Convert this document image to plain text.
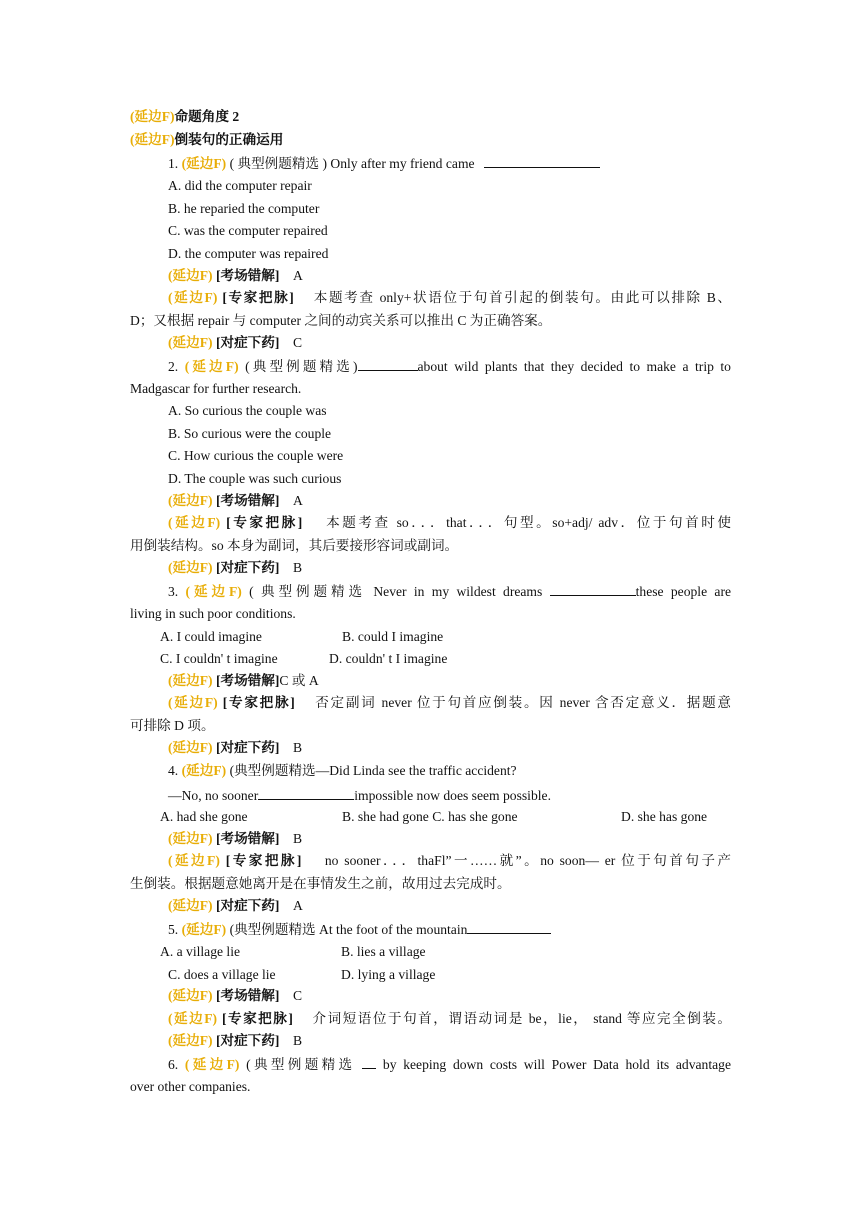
(延边F)命题角度 2
(延边F)倒装句的正确运用
1. (延边F) ( 典型例题精选 ) Only after my friend came
A. did the computer repair
B. he reparied the computer
C. was the computer repaired
D. the computer was repaired
(延边F) [考场错解] A
(延边F) [专家把脉] 本题考查 only+状语位于句首引起的倒装句。由此可以排除 B、
D；又根据 repair 与 computer 之间的动宾关系可以推出 C 为正确答案。
(延边F) [对症下药] C
2. (延边F) (典型例题精选)	about wild plants that they decided to make a trip to
Madgascar for further research.
A. So curious the couple was
B. So curious were the couple
C. How curious the couple were
D. The couple was such curious
(延边F) [考场错解] A
(延边F) [专家把脉] 本题考查 so．．．that．．．句型。so+adj/ adv．位于句首时使
用倒装结构。so 本身为副词，其后要接形容词或副词。
(延边F) [对症下药] B
3. (延边F) ( 典型例题精选 Never in my wildest dreams	these people are
living in such poor conditions.
A. I could imagine	B. could I imagine
C. I couldn' t imagine	D. couldn' t I imagine
(延边F) [考场错解]C 或 A
(延边F) [专家把脉] 否定副词 never 位于句首应倒装。因 never 含否定意义．据题意
可排除 D 项。
(延边F) [对症下药] B
4. (延边F) (典型例题精选—Did Linda see the traffic accident?
—No, no sooner	impossible now does seem possible.
A. had she gone	B. she had gone C. has she gone	D. she has gone
(延边F) [考场错解] B
(延边F) [专家把脉] no sooner．．．thaFl”一……就”。no soon— er 位于句首句子产
生倒装。根据题意她离开是在事情发生之前，故用过去完成时。
(延边F) [对症下药] A
5. (延边F) (典型例题精选 At the foot of the mountain
A. a village lie	B. lies a village
C. does a village lie	D. lying a village
(延边F) [考场错解] C
(延边F) [专家把脉] 介词短语位于句首，谓语动词是 be，lie， stand 等应完全倒装。
(延边F) [对症下药] B
6. (延边F) (典型例题精选 by keeping down costs will Power Data hold its advantage
over other companies.
